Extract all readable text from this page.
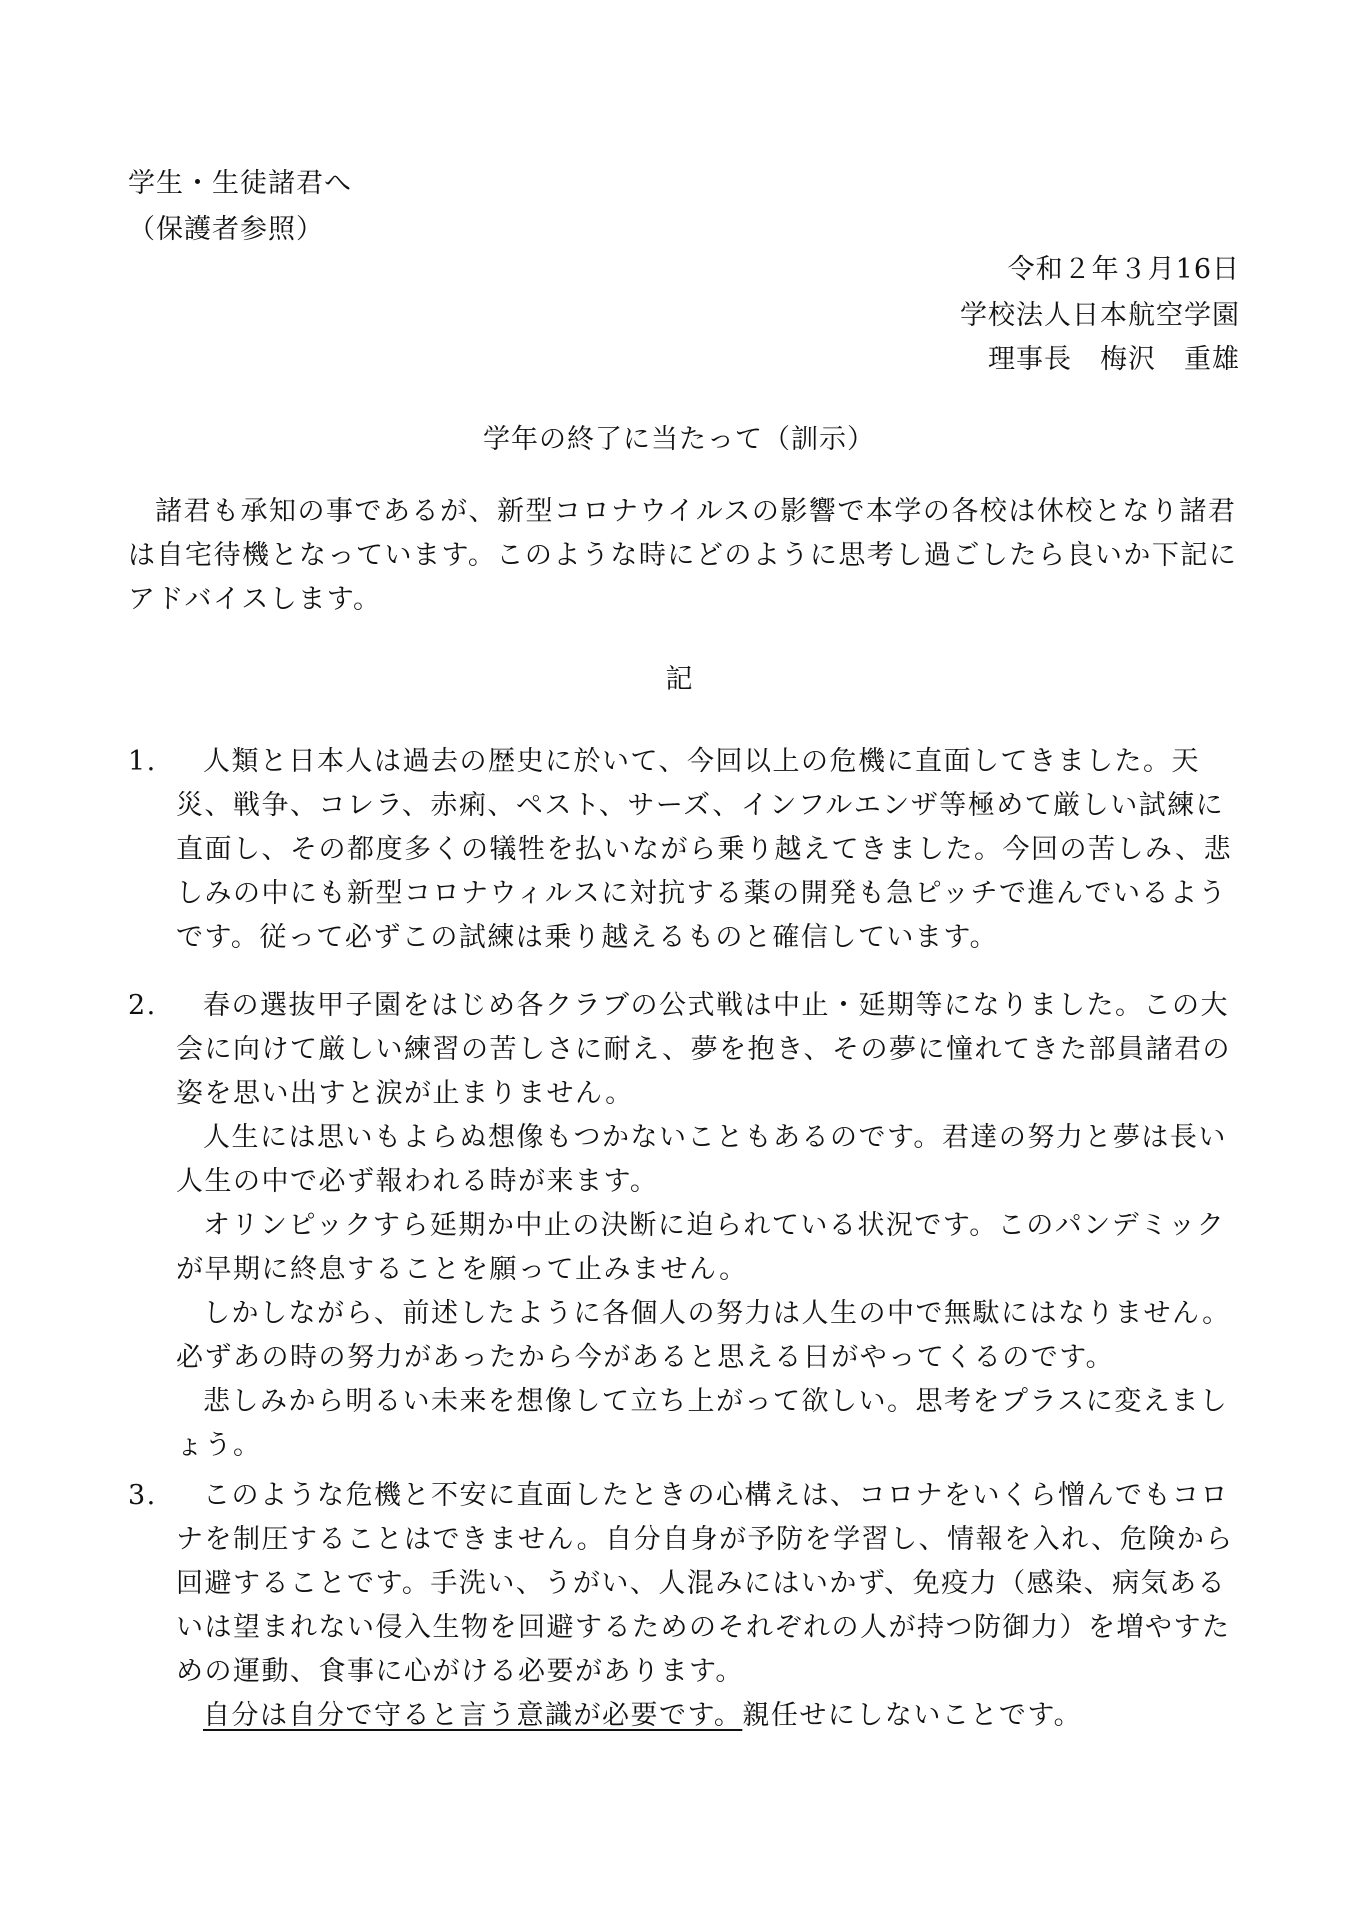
学生・生徒諸君へ
（保護者参照）
令和２年３月16日
学校法人日本航空学園
理事長　梅沢　重雄
学年の終了に当たって（訓示）

諸君も承知の事であるが、新型コロナウイルスの影響で本学の各校は休校となり諸君は自宅待機となっています。このような時にどのように思考し過ごしたら良いか下記にアドバイスします。

記
1.	人類と日本人は過去の歴史に於いて、今回以上の危機に直面してきました。天災、戦争、コレラ、赤痢、ペスト、サーズ、インフルエンザ等極めて厳しい試練に直面し、その都度多くの犠牲を払いながら乗り越えてきました。今回の苦しみ、悲しみの中にも新型コロナウィルスに対抗する薬の開発も急ピッチで進んでいるようです。従って必ずこの試練は乗り越えるものと確信しています。

2.	春の選抜甲子園をはじめ各クラブの公式戦は中止・延期等になりました。この大会に向けて厳しい練習の苦しさに耐え、夢を抱き、その夢に憧れてきた部員諸君の姿を思い出すと涙が止まりません。

人生には思いもよらぬ想像もつかないこともあるのです。君達の努力と夢は長い人生の中で必ず報われる時が来ます。

オリンピックすら延期か中止の決断に迫られている状況です。このパンデミックが早期に終息することを願って止みません。

しかしながら、前述したように各個人の努力は人生の中で無駄にはなりません。必ずあの時の努力があったから今があると思える日がやってくるのです。

悲しみから明るい未来を想像して立ち上がって欲しい。思考をプラスに変えましょう。

3.	このような危機と不安に直面したときの心構えは、コロナをいくら憎んでもコロナを制圧することはできません。自分自身が予防を学習し、情報を入れ、危険から回避することです。手洗い、うがい、人混みにはいかず、免疫力（感染、病気あるいは望まれない侵入生物を回避するためのそれぞれの人が持つ防御力）を増やすための運動、食事に心がける必要があります。

自分は自分で守ると言う意識が必要です。親任せにしないことです。
